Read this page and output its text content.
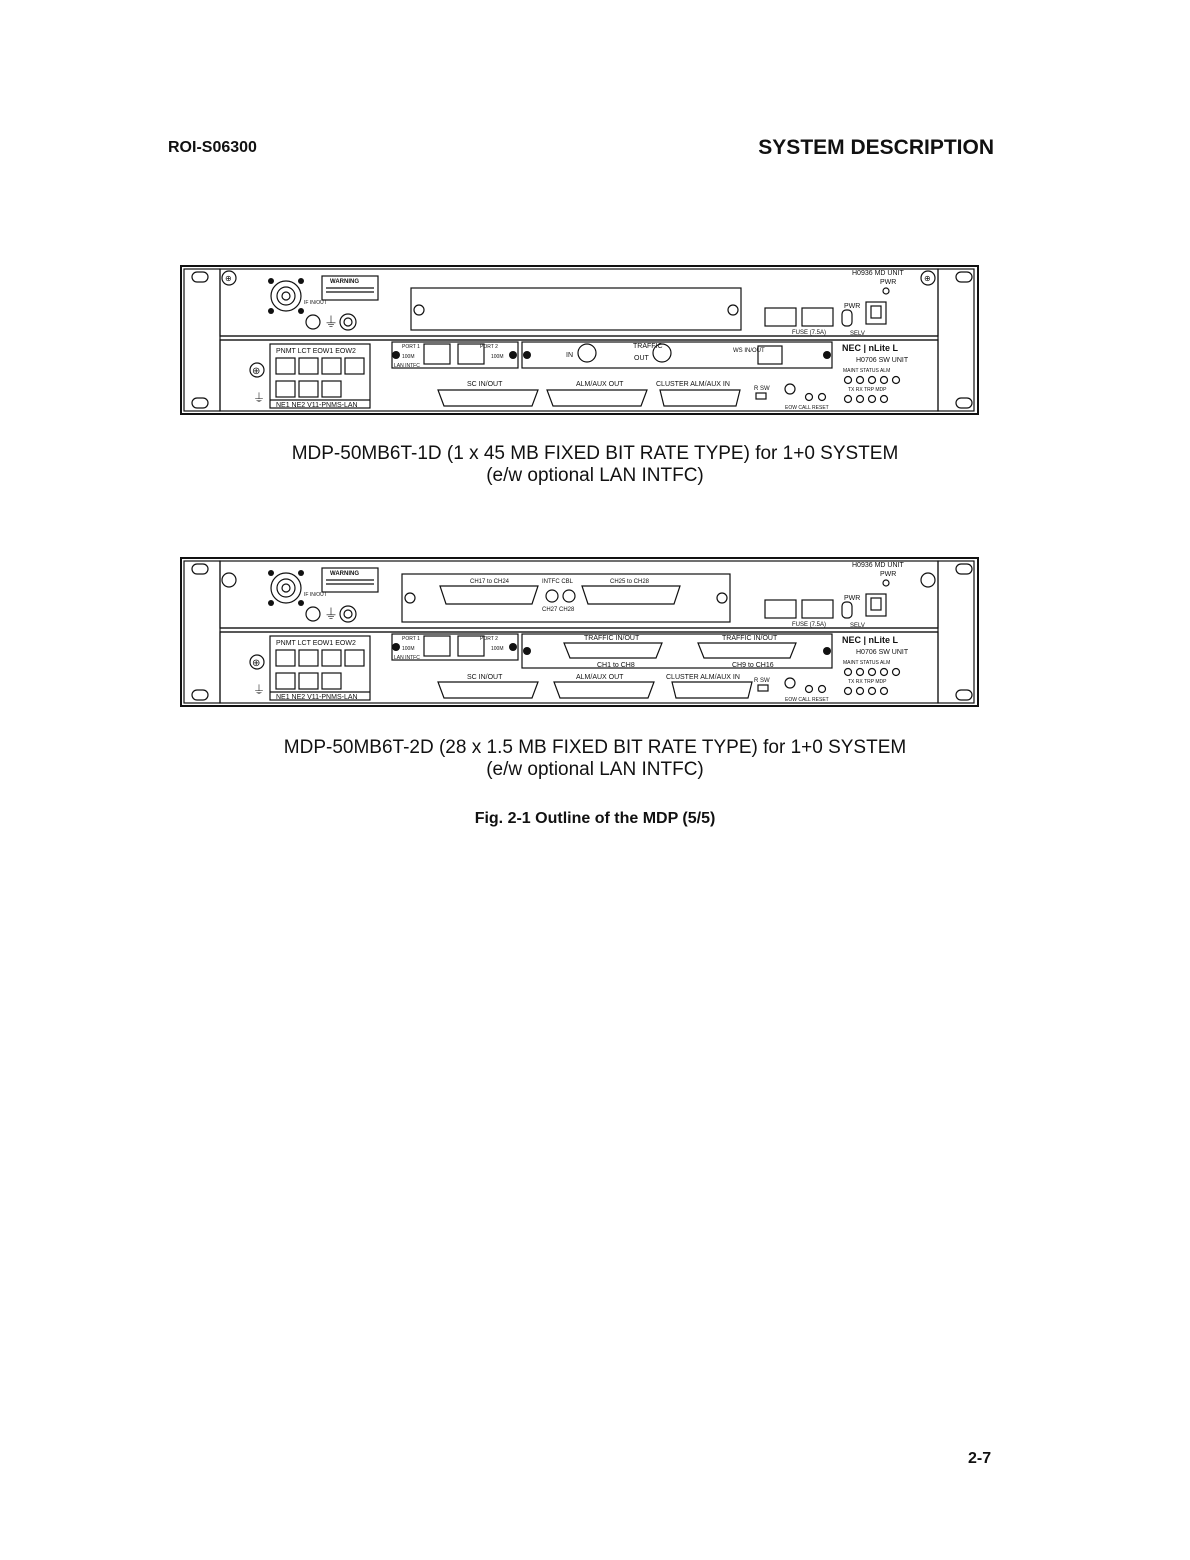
ROI-S06300	SYSTEM DESCRIPTION
⊕	⊕
WARNING
IF IN/OUT
⏚
FUSE (7.5A)
H0936 MD UNIT
PWR
PWR
SELV
⊕
⏚
PNMT LCT EOW1 EOW2
NE1 NE2 V11-PNMS-LAN
PORT 1	PORT 2
100M	100M
LAN INTFC
TRAFFIC
IN	OUT
WS IN/OUT	NEC | nLite L
H0706 SW UNIT
MAINT STATUS ALM
TX RX TRP MDP
SC IN/OUT	ALM/AUX OUT	CLUSTER ALM/AUX IN
R SW
EOW CALL RESET
MDP-50MB6T-1D (1 x 45 MB FIXED BIT RATE TYPE) for 1+0 SYSTEM
(e/w optional LAN INTFC)
WARNING
IF IN/OUT
⏚
CH17 to CH24	INTFC CBL	CH25 to CH28
CH27 CH28
FUSE (7.5A)
H0936 MD UNIT
PWR
PWR
SELV
⊕
⏚
PNMT LCT EOW1 EOW2
NE1 NE2 V11-PNMS-LAN
PORT 1	PORT 2
100M	100M
LAN INTFC
TRAFFIC IN/OUT	TRAFFIC IN/OUT
CH1 to CH8	CH9 to CH16
NEC | nLite L
H0706 SW UNIT
MAINT STATUS ALM
TX RX TRP MDP
SC IN/OUT	ALM/AUX OUT	CLUSTER ALM/AUX IN R SW
EOW CALL RESET
MDP-50MB6T-2D (28 x 1.5 MB FIXED BIT RATE TYPE) for 1+0 SYSTEM
(e/w optional LAN INTFC)
Fig. 2-1 Outline of the MDP (5/5)
2-7
